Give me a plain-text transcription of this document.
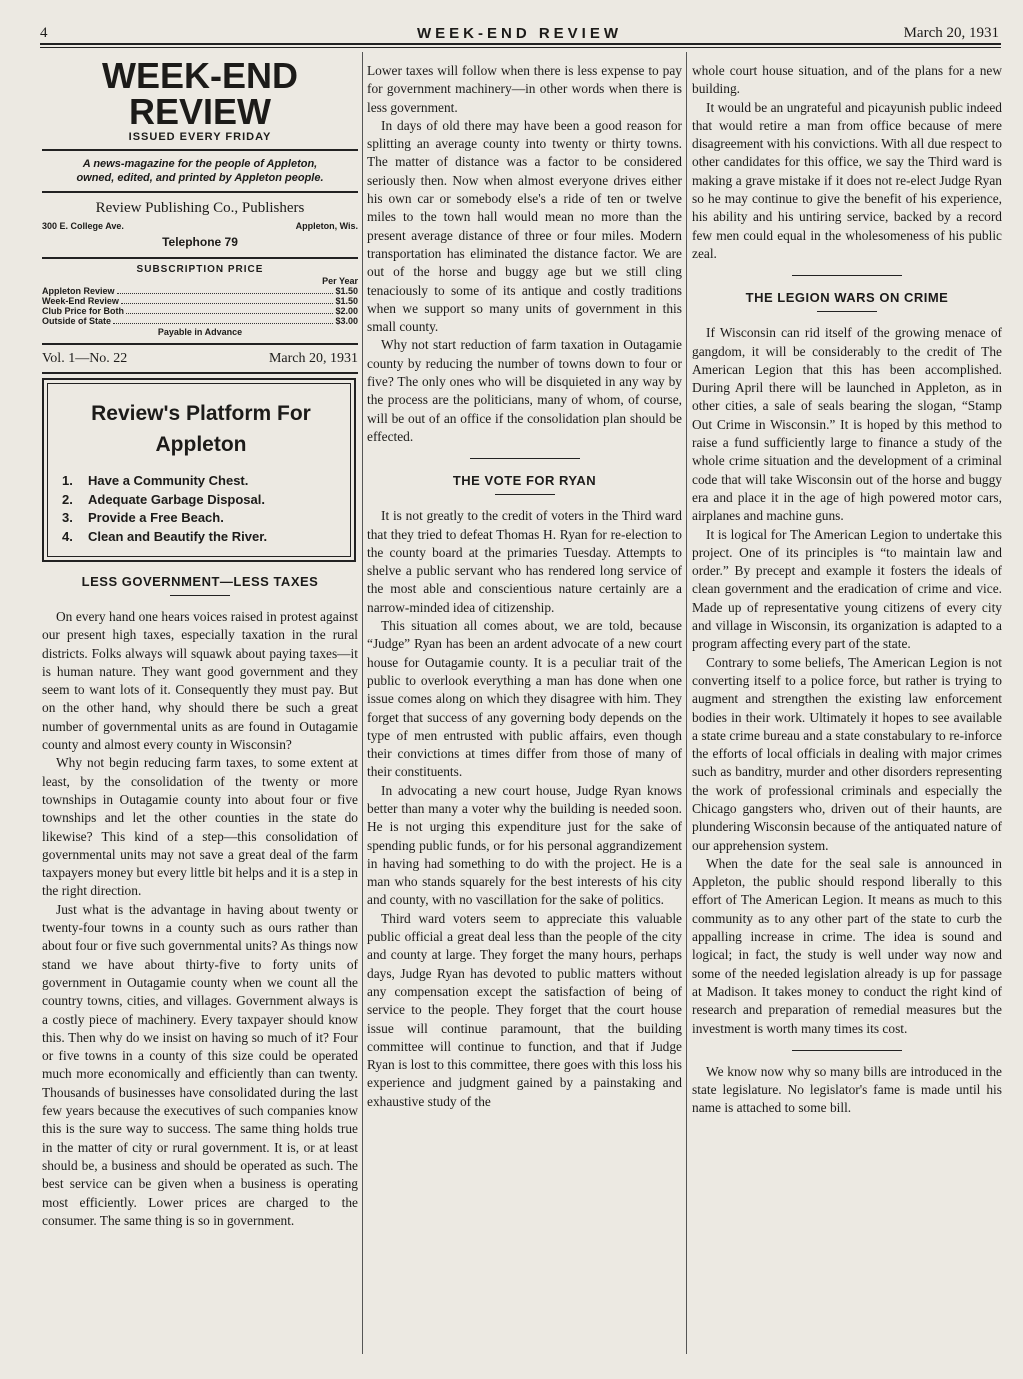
4	WEEK-END REVIEW	March 20, 1931
WEEK-END REVIEW
ISSUED EVERY FRIDAY
A news-magazine for the people of Appleton,
owned, edited, and printed by Appleton people.
Review Publishing Co., Publishers
300 E. College Ave.	Appleton, Wis.
Telephone 79
SUBSCRIPTION PRICE
Per Year
Appleton Review	$1.50
Week-End Review	$1.50
Club Price for Both	$2.00
Outside of State	$3.00
Payable in Advance
Vol. 1—No. 22	March 20, 1931
Review's Platform For
Appleton
1.	Have a Community Chest.
2.	Adequate Garbage Disposal.
3.	Provide a Free Beach.
4.	Clean and Beautify the River.
LESS GOVERNMENT—LESS TAXES

On every hand one hears voices raised in protest against our present high taxes, especially taxation in the rural districts. Folks always will squawk about paying taxes—it is human nature. They want good government and they seem to want lots of it. Consequently they must pay. But on the other hand, why should there be such a great number of governmental units as are found in Outagamie county and almost every county in Wisconsin?

Why not begin reducing farm taxes, to some extent at least, by the consolidation of the twenty or more townships in Outagamie county into about four or five townships and let the other counties in the state do likewise? This kind of a step—this consolidation of governmental units may not save a great deal of the farm taxpayers money but every little bit helps and it is a step in the right direction.

Just what is the advantage in having about twenty or twenty-four towns in a county such as ours rather than about four or five such governmental units? As things now stand we have about thirty-five to forty units of government in Outagamie county when we count all the country towns, cities, and villages. Government always is a costly piece of machinery. Every taxpayer should know this. Then why do we insist on having so much of it? Four or five towns in a county of this size could be operated much more economically and efficiently than can twenty. Thousands of businesses have consolidated during the last few years because the executives of such companies know this is the sure way to success. The same thing holds true in the matter of city or rural government. It is, or at least should be, a business and should be operated as such. The best service can be given when a business is operating most efficiently. Lower prices are charged to the consumer. The same thing is so in government.

Lower taxes will follow when there is less expense to pay for government machinery—in other words when there is less government.

In days of old there may have been a good reason for splitting an average county into twenty or thirty towns. The matter of distance was a factor to be considered seriously then. Now when almost everyone drives either his own car or somebody else's a ride of ten or twelve miles to the town hall would mean no more than the present average distance of three or four miles. Modern transportation has eliminated the distance factor. We are out of the horse and buggy age but we still cling tenaciously to some of its antique and costly traditions when we support so many units of government in this small county.

Why not start reduction of farm taxation in Outagamie county by reducing the number of towns down to four or five? The only ones who will be disquieted in any way by the process are the politicians, many of whom, of course, will be out of an office if the consolidation plan should be effected.

THE VOTE FOR RYAN

It is not greatly to the credit of voters in the Third ward that they tried to defeat Thomas H. Ryan for re-election to the county board at the primaries Tuesday. Attempts to shelve a public servant who has rendered long service of the most able and conscientious nature certainly are a narrow-minded idea of citizenship.

This situation all comes about, we are told, because “Judge” Ryan has been an ardent advocate of a new court house for Outagamie county. It is a peculiar trait of the public to overlook everything a man has done when one issue comes along on which they disagree with him. They forget that success of any governing body depends on the type of men entrusted with public affairs, even though their convictions at times differ from those of many of their constituents.

In advocating a new court house, Judge Ryan knows better than many a voter why the building is needed soon. He is not urging this expenditure just for the sake of spending public funds, or for his personal aggrandizement in having had something to do with the project. He is a man who stands squarely for the best interests of his city and county, with no vascillation for the sake of politics.

Third ward voters seem to appreciate this valuable public official a great deal less than the people of the city and county at large. They forget the many hours, perhaps days, Judge Ryan has devoted to public matters without any compensation except the satisfaction of being of service to the people. They forget that the court house issue will continue paramount, that the building committee will continue to function, and that if Judge Ryan is lost to this committee, there goes with this loss his experience and judgment gained by a painstaking and exhaustive study of the

whole court house situation, and of the plans for a new building.

It would be an ungrateful and picayunish public indeed that would retire a man from office because of mere disagreement with his convictions. With all due respect to other candidates for this office, we say the Third ward is making a grave mistake if it does not re-elect Judge Ryan so he may continue to give the benefit of his experience, his ability and his untiring service, backed by a record few men could equal in the wholesomeness of his public zeal.

THE LEGION WARS ON CRIME

If Wisconsin can rid itself of the growing menace of gangdom, it will be considerably to the credit of The American Legion that this has been accomplished. During April there will be launched in Appleton, as in other cities, a sale of seals bearing the slogan, “Stamp Out Crime in Wisconsin.” It is hoped by this method to raise a fund sufficiently large to finance a study of the whole crime situation and the development of a criminal code that will take Wisconsin out of the horse and buggy era and place it in the age of high powered motor cars, airplanes and machine guns.

It is logical for The American Legion to undertake this project. One of its principles is “to maintain law and order.” By precept and example it fosters the ideals of clean government and the eradication of crime and vice. Made up of representative young citizens of every city and village in Wisconsin, its organization is adapted to a program affecting every part of the state.

Contrary to some beliefs, The American Legion is not converting itself to a police force, but rather is trying to augment and strengthen the existing law enforcement bodies in their work. Ultimately it hopes to see available a state crime bureau and a state constabulary to re-inforce the efforts of local officials in dealing with major crimes such as banditry, murder and other disorders representing the work of professional criminals and especially the Chicago gangsters who, driven out of their haunts, are plundering Wisconsin because of the antiquated nature of our apprehension system.

When the date for the seal sale is announced in Appleton, the public should respond liberally to this effort of The American Legion. It means as much to this community as to any other part of the state to curb the appalling increase in crime. The idea is sound and logical; in fact, the study is well under way now and some of the needed legislation already is up for passage at Madison. It takes money to conduct the right kind of research and preparation of remedial measures but the investment is worth many times its cost.

We know now why so many bills are introduced in the state legislature. No legislator's fame is made until his name is attached to some bill.
